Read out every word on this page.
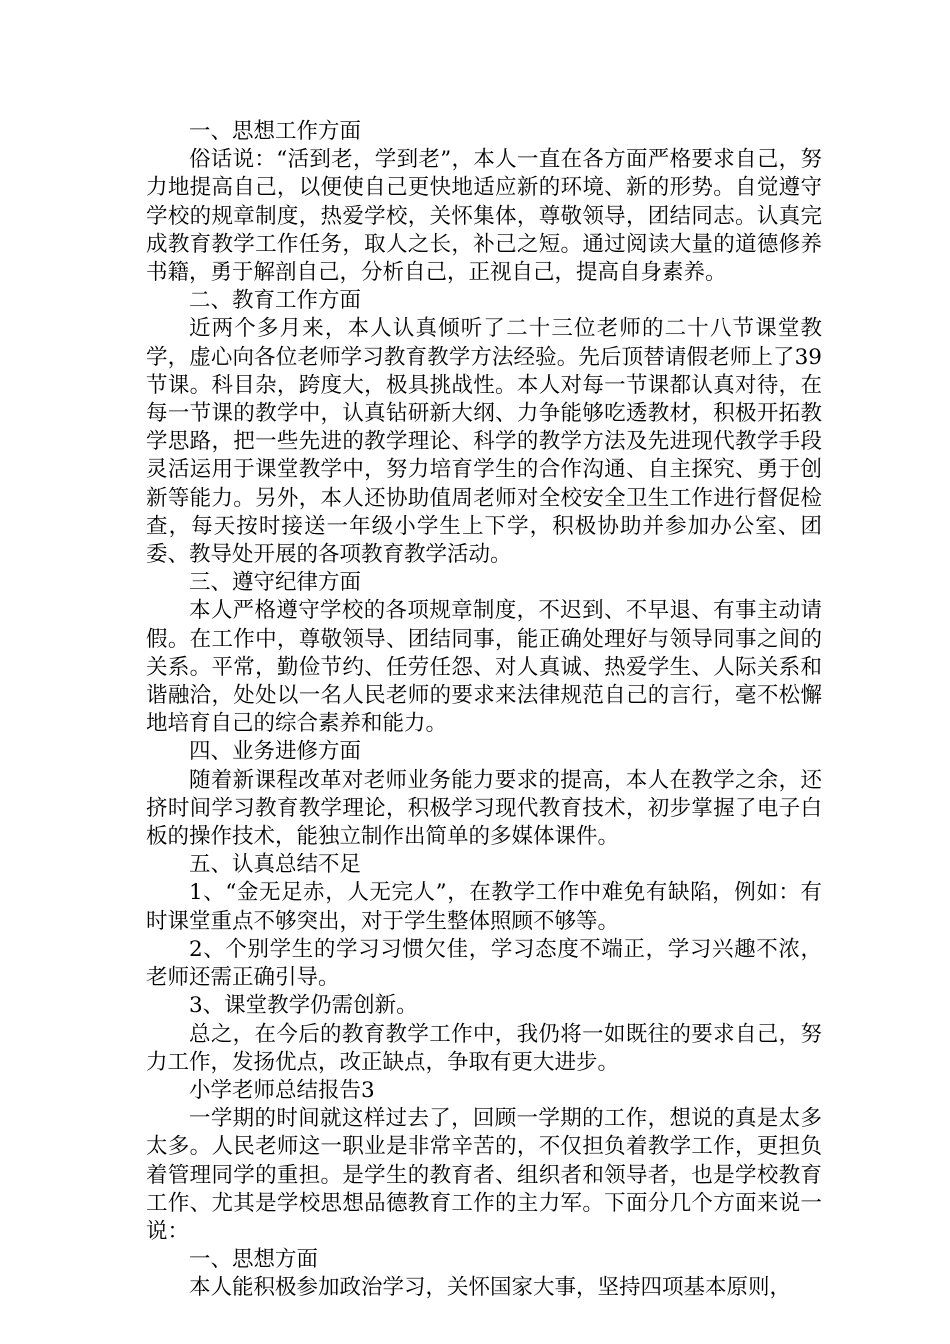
一、思想工作方面

俗话说：“活到老，学到老”，本人一直在各方面严格要求自己，努力地提高自己，以便使自己更快地适应新的环境、新的形势。自觉遵守学校的规章制度，热爱学校，关怀集体，尊敬领导，团结同志。认真完成教育教学工作任务，取人之长，补己之短。通过阅读大量的道德修养书籍，勇于解剖自己，分析自己，正视自己，提高自身素养。

二、教育工作方面

近两个多月来，本人认真倾听了二十三位老师的二十八节课堂教学，虚心向各位老师学习教育教学方法经验。先后顶替请假老师上了39节课。科目杂，跨度大，极具挑战性。本人对每一节课都认真对待，在每一节课的教学中，认真钻研新大纲、力争能够吃透教材，积极开拓教学思路，把一些先进的教学理论、科学的教学方法及先进现代教学手段灵活运用于课堂教学中，努力培育学生的合作沟通、自主探究、勇于创新等能力。另外，本人还协助值周老师对全校安全卫生工作进行督促检查，每天按时接送一年级小学生上下学，积极协助并参加办公室、团委、教导处开展的各项教育教学活动。

三、遵守纪律方面

本人严格遵守学校的各项规章制度，不迟到、不早退、有事主动请假。在工作中，尊敬领导、团结同事，能正确处理好与领导同事之间的关系。平常，勤俭节约、任劳任怨、对人真诚、热爱学生、人际关系和谐融洽，处处以一名人民老师的要求来法律规范自己的言行，毫不松懈地培育自己的综合素养和能力。

四、业务进修方面

随着新课程改革对老师业务能力要求的提高，本人在教学之余，还挤时间学习教育教学理论，积极学习现代教育技术，初步掌握了电子白板的操作技术，能独立制作出简单的多媒体课件。

五、认真总结不足

1、“金无足赤，人无完人”，在教学工作中难免有缺陷，例如：有时课堂重点不够突出，对于学生整体照顾不够等。

2、个别学生的学习习惯欠佳，学习态度不端正，学习兴趣不浓，老师还需正确引导。

3、课堂教学仍需创新。

总之，在今后的教育教学工作中，我仍将一如既往的要求自己，努力工作，发扬优点，改正缺点，争取有更大进步。

小学老师总结报告3

一学期的时间就这样过去了，回顾一学期的工作，想说的真是太多太多。人民老师这一职业是非常辛苦的，不仅担负着教学工作，更担负着管理同学的重担。是学生的教育者、组织者和领导者，也是学校教育工作、尤其是学校思想品德教育工作的主力军。下面分几个方面来说一说：

一、思想方面

本人能积极参加政治学习，关怀国家大事，坚持四项基本原则，
